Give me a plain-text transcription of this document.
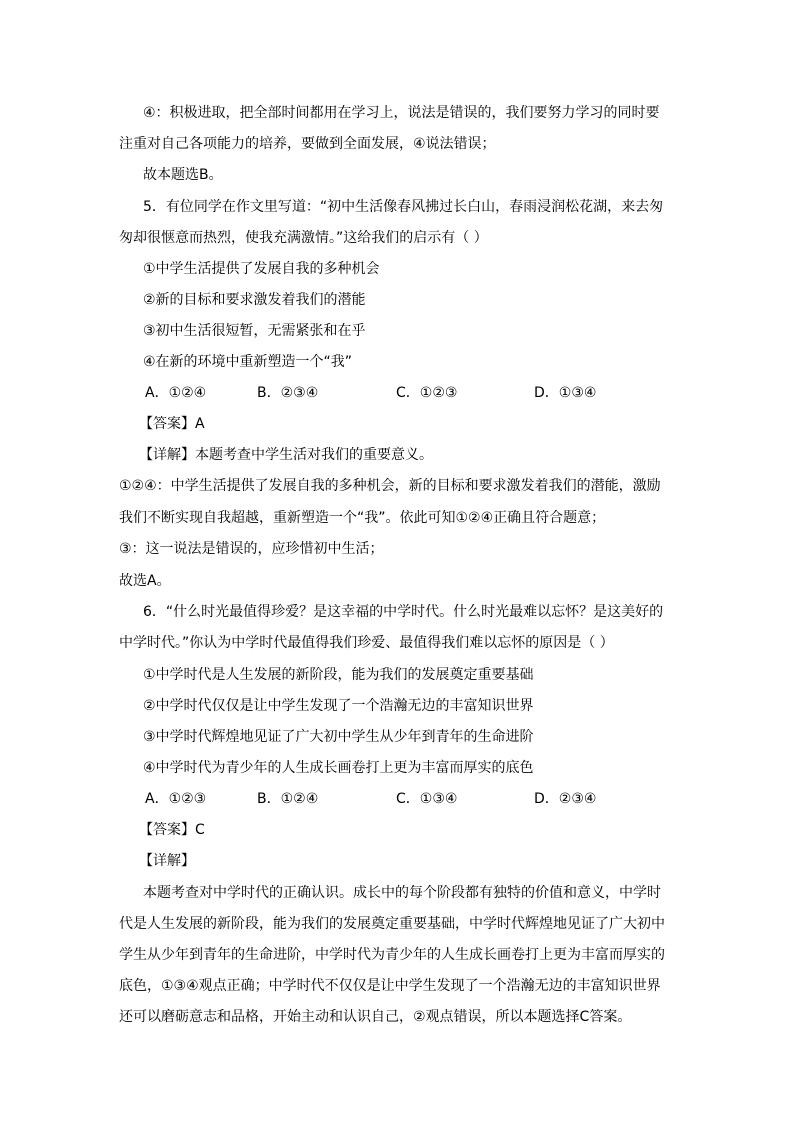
④：积极进取，把全部时间都用在学习上，说法是错误的，我们要努力学习的同时要
注重对自己各项能力的培养，要做到全面发展，④说法错误；
故本题选B。
5．有位同学在作文里写道：“初中生活像春风拂过长白山，春雨浸润松花湖，来去匆
匆却很惬意而热烈，使我充满激情。”这给我们的启示有（ ）
①中学生活提供了发展自我的多种机会
②新的目标和要求激发着我们的潜能
③初中生活很短暂，无需紧张和在乎
④在新的环境中重新塑造一个“我”
A．①②④	B．②③④	C．①②③	D．①③④
【答案】A
【详解】本题考查中学生活对我们的重要意义。
①②④：中学生活提供了发展自我的多种机会，新的目标和要求激发着我们的潜能，激励
我们不断实现自我超越，重新塑造一个“我”。依此可知①②④正确且符合题意；
③：这一说法是错误的，应珍惜初中生活；
故选A。
6．“什么时光最值得珍爱？是这幸福的中学时代。什么时光最难以忘怀？是这美好的
中学时代。”你认为中学时代最值得我们珍爱、最值得我们难以忘怀的原因是（ ）
①中学时代是人生发展的新阶段，能为我们的发展奠定重要基础
②中学时代仅仅是让中学生发现了一个浩瀚无边的丰富知识世界
③中学时代辉煌地见证了广大初中学生从少年到青年的生命进阶
④中学时代为青少年的人生成长画卷打上更为丰富而厚实的底色
A．①②③	B．①②④	C．①③④	D．②③④
【答案】C
【详解】
本题考查对中学时代的正确认识。成长中的每个阶段都有独特的价值和意义，中学时
代是人生发展的新阶段，能为我们的发展奠定重要基础，中学时代辉煌地见证了广大初中
学生从少年到青年的生命进阶，中学时代为青少年的人生成长画卷打上更为丰富而厚实的
底色，①③④观点正确；中学时代不仅仅是让中学生发现了一个浩瀚无边的丰富知识世界
还可以磨砺意志和品格，开始主动和认识自己，②观点错误，所以本题选择C答案。
